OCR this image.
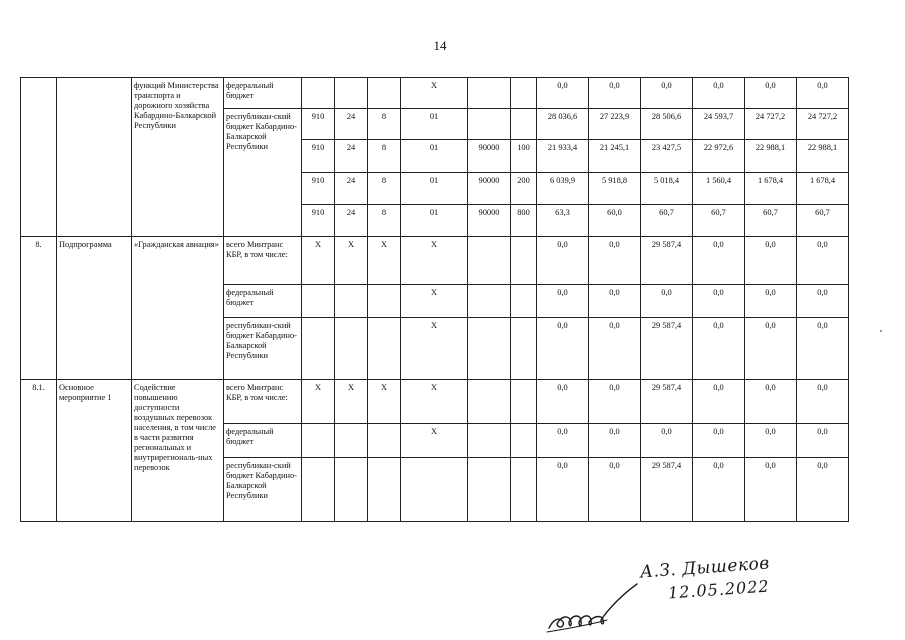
14
		функций Министерства транспорта и дорожного хозяйства Кабардино-Балкарской Республики	федеральный бюджет				Х			0,0	0,0	0,0	0,0	0,0	0,0
			республикан-ский бюджет Кабардино-Балкарской Республики	910	24	8	01			28 036,6	27 223,9	28 506,6	24 593,7	24 727,2	24 727,2
				910	24	8	01	90000	100	21 933,4	21 245,1	23 427,5	22 972,6	22 988,1	22 988,1
				910	24	8	01	90000	200	6 039,9	5 918,8	5 018,4	1 560,4	1 678,4	1 678,4
				910	24	8	01	90000	800	63,3	60,0	60,7	60,7	60,7	60,7
8.	Подпрограмма	«Гражданская авиация»	всего Минтранс КБР, в том числе:	Х	Х	Х	Х			0,0	0,0	29 587,4	0,0	0,0	0,0
			федеральный бюджет				Х			0,0	0,0	0,0	0,0	0,0	0,0
			республикан-ский бюджет Кабардино-Балкарской Республики				Х			0,0	0,0	29 587,4	0,0	0,0	0,0
8.1.	Основное мероприятие 1	Содействие повышению доступности воздушных перевозок населения, в том числе в части развития региональных и внутрирегиональ-ных перевозок	всего Минтранс КБР, в том числе:	Х	Х	Х	Х			0,0	0,0	29 587,4	0,0	0,0	0,0
			федеральный бюджет				Х			0,0	0,0	0,0	0,0	0,0	0,0
			республикан-ский бюджет Кабардино-Балкарской Республики							0,0	0,0	29 587,4	0,0	0,0	0,0
А.З. Дышеков
12.05.2022
